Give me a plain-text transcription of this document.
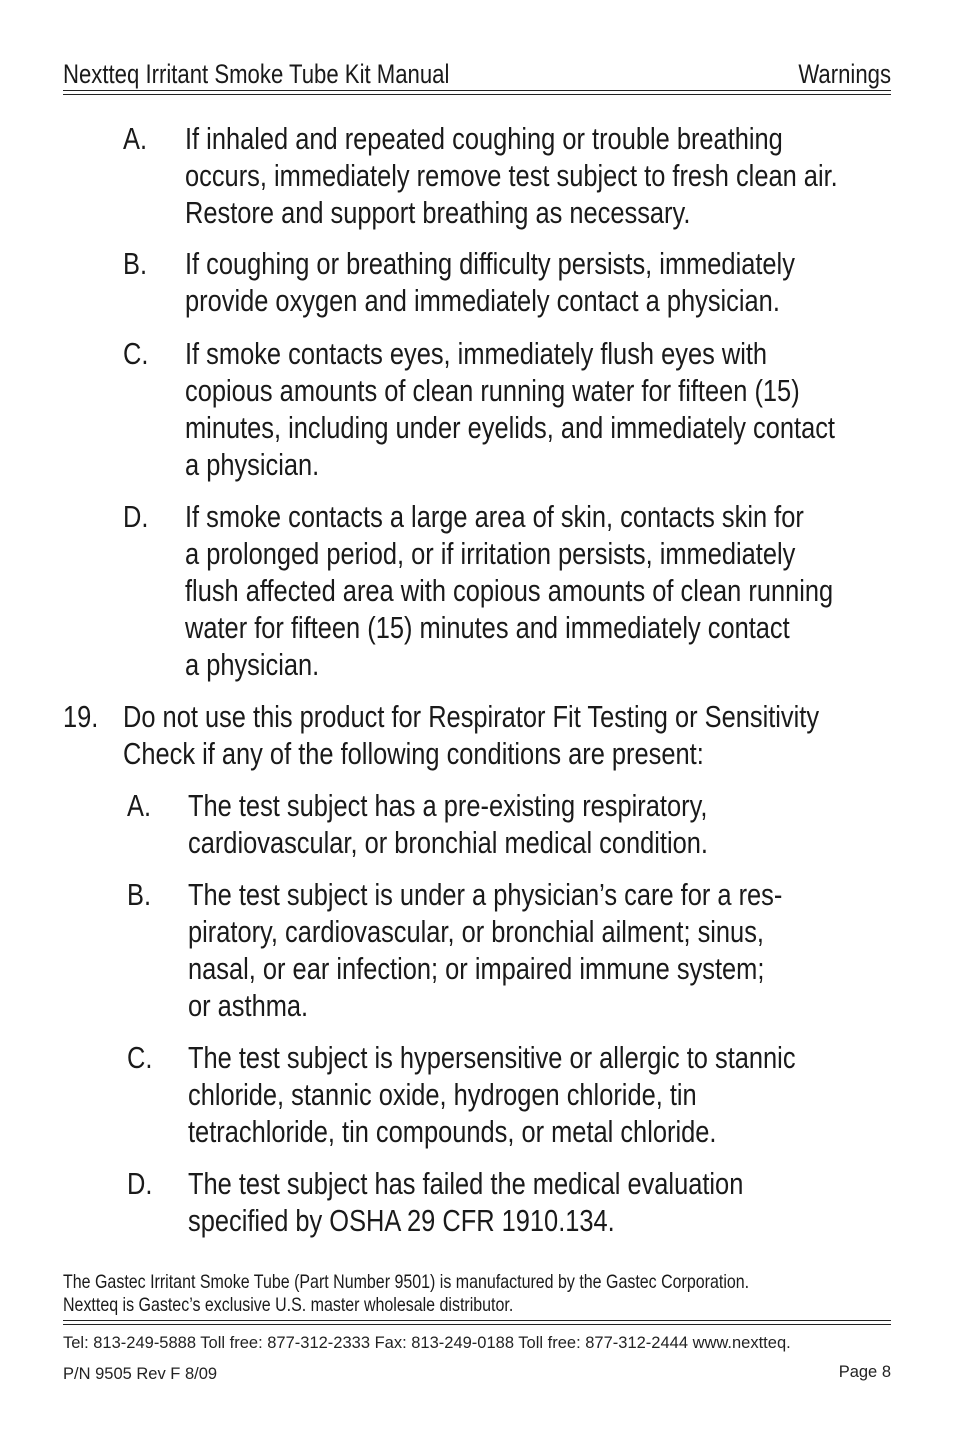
Nextteq Irritant Smoke Tube Kit Manual	Warnings
A. If inhaled and repeated coughing or trouble breathing
occurs, immediately remove test subject to fresh clean air.
Restore and support breathing as necessary.
B. If coughing or breathing difficulty persists, immediately
provide oxygen and immediately contact a physician.
C. If smoke contacts eyes, immediately flush eyes with
copious amounts of clean running water for fifteen (15)
minutes, including under eyelids, and immediately contact
a physician.
D. If smoke contacts a large area of skin, contacts skin for
a prolonged period, or if irritation persists, immediately
flush affected area with copious amounts of clean running
water for fifteen (15) minutes and immediately contact
a physician.
19. Do not use this product for Respirator Fit Testing or Sensitivity
Check if any of the following conditions are present:
A. The test subject has a pre-existing respiratory,
cardiovascular, or bronchial medical condition.
B. The test subject is under a physician’s care for a res-
piratory, cardiovascular, or bronchial ailment; sinus,
nasal, or ear infection; or impaired immune system;
or asthma.
C. The test subject is hypersensitive or allergic to stannic
chloride, stannic oxide, hydrogen chloride, tin
tetrachloride, tin compounds, or metal chloride.
D. The test subject has failed the medical evaluation
specified by OSHA 29 CFR 1910.134.
The Gastec Irritant Smoke Tube (Part Number 9501) is manufactured by the Gastec Corporation.
Nextteq is Gastec’s exclusive U.S. master wholesale distributor.
Tel: 813-249-5888 Toll free: 877-312-2333 Fax: 813-249-0188 Toll free: 877-312-2444 www.nextteq.
P/N 9505 Rev F 8/09	Page 8
